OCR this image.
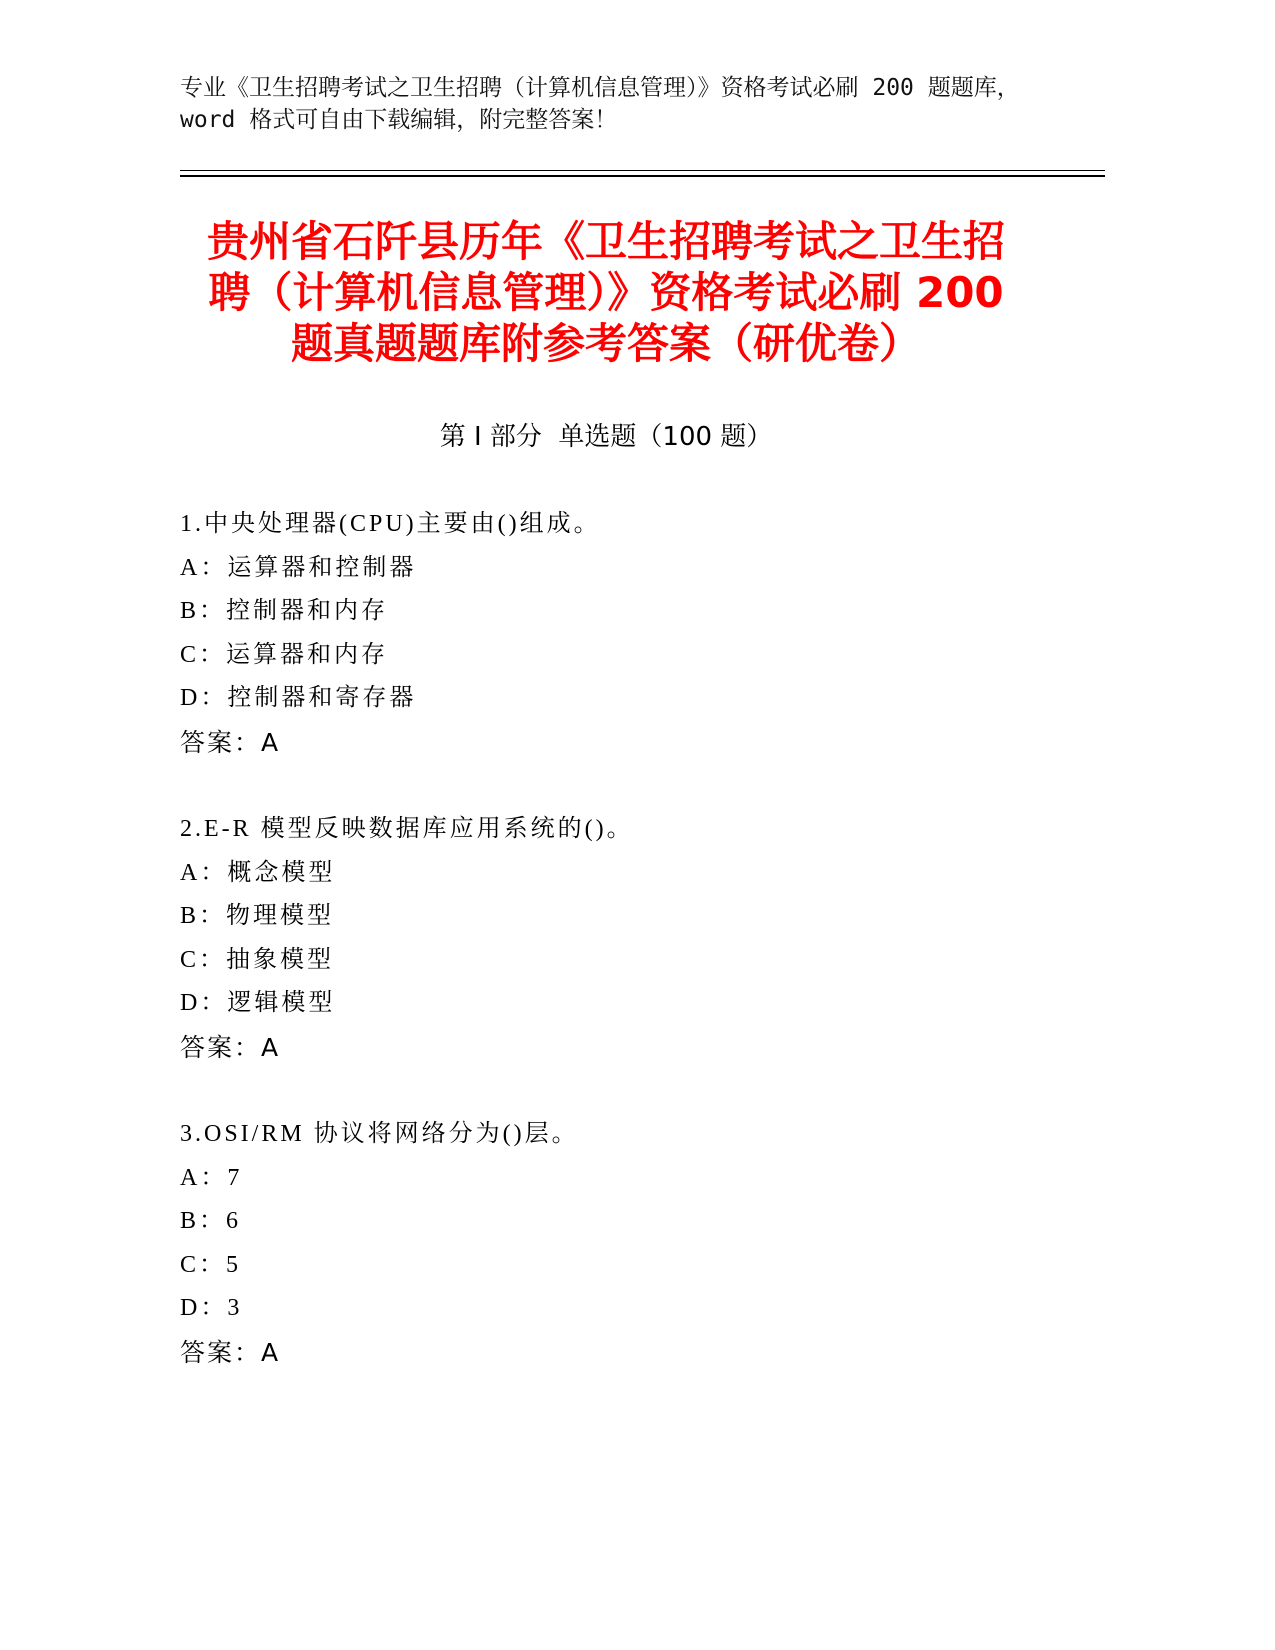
专业《卫生招聘考试之卫生招聘（计算机信息管理）》资格考试必刷 200 题题库，
word 格式可自由下载编辑，附完整答案！
贵州省石阡县历年《卫生招聘考试之卫生招
聘（计算机信息管理）》资格考试必刷 200
题真题题库附参考答案（研优卷）
第 I 部分  单选题（100 题）
1.中央处理器(CPU)主要由()组成。
A：运算器和控制器
B：控制器和内存
C：运算器和内存
D：控制器和寄存器
答案：A
2.E-R 模型反映数据库应用系统的()。
A：概念模型
B：物理模型
C：抽象模型
D：逻辑模型
答案：A
3.OSI/RM 协议将网络分为()层。
A：7
B：6
C：5
D：3
答案：A
